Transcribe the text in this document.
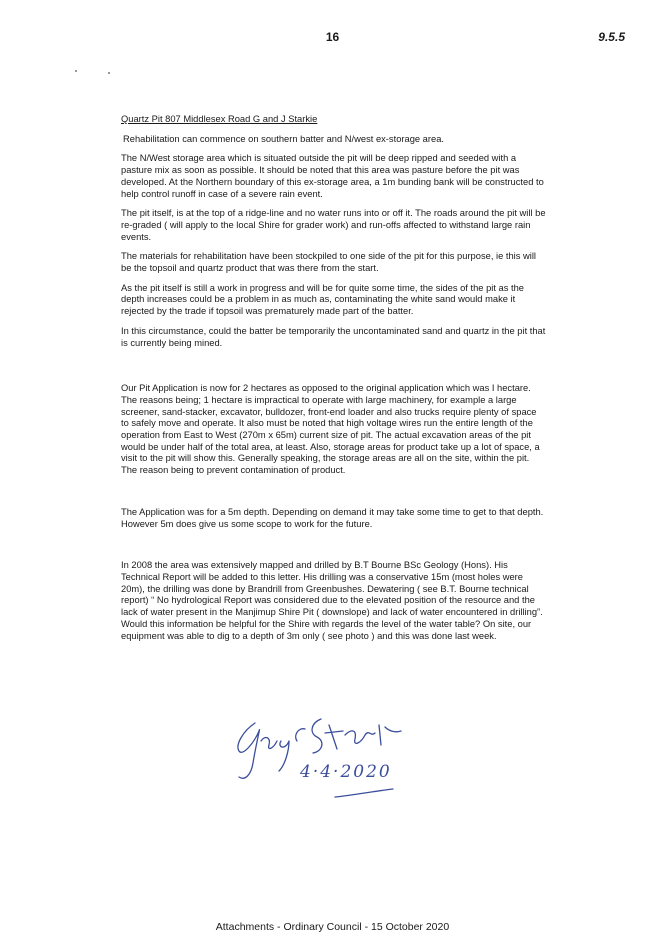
16	9.5.5

Quartz Pit 807 Middlesex Road G and J Starkie

Rehabilitation can commence on southern batter and N/west ex-storage area.

The N/West storage area which is situated outside the pit will be deep ripped and seeded with a pasture mix as soon as possible. It should be noted that this area was pasture before the pit was developed. At the Northern boundary of this ex-storage area, a 1m bunding bank will be constructed to help control runoff in case of a severe rain event.

The pit itself, is at the top of a ridge-line and no water runs into or off it. The roads around the pit will be re-graded ( will apply to the local Shire for grader work) and run-offs affected to withstand large rain events.

The materials for rehabilitation have been stockpiled to one side of the pit for this purpose, ie this will be the topsoil and quartz product that was there from the start.

As the pit itself is still a work in progress and will be for quite some time, the sides of the pit as the depth increases could be a problem in as much as, contaminating the white sand would make it rejected by the trade if topsoil was prematurely made part of the batter.

In this circumstance, could the batter be temporarily the uncontaminated sand and quartz in the pit that is currently being mined.

Our Pit Application is now for 2 hectares as opposed to the original application which was I hectare. The reasons being; 1 hectare is impractical to operate with large machinery, for example a large screener, sand-stacker, excavator, bulldozer, front-end loader and also trucks require plenty of space to safely move and operate. It also must be noted that high voltage wires run the entire length of the operation from East to West (270m x 65m) current size of pit. The actual excavation areas of the pit would be under half of the total area, at least. Also, storage areas for product take up a lot of space, a visit to the pit will show this. Generally speaking, the storage areas are all on the site, within the pit. The reason being to prevent contamination of product.

The Application was for a 5m depth. Depending on demand it may take some time to get to that depth. However 5m does give us some scope to work for the future.

In 2008 the area was extensively mapped and drilled by B.T Bourne BSc Geology (Hons). His Technical Report will be added to this letter. His drilling was a conservative 15m (most holes were 20m), the drilling was done by Brandrill from Greenbushes. Dewatering ( see B.T. Bourne technical report) “ No hydrological Report was considered due to the elevated position of the resource and the lack of water present in the Manjimup Shire Pit ( downslope) and lack of water encountered in drilling”. Would this information be helpful for the Shire with regards the level of the water table? On site, our equipment was able to dig to a depth of 3m only ( see photo ) and this was done last week.

4·4·2020
Attachments - Ordinary Council - 15 October 2020
